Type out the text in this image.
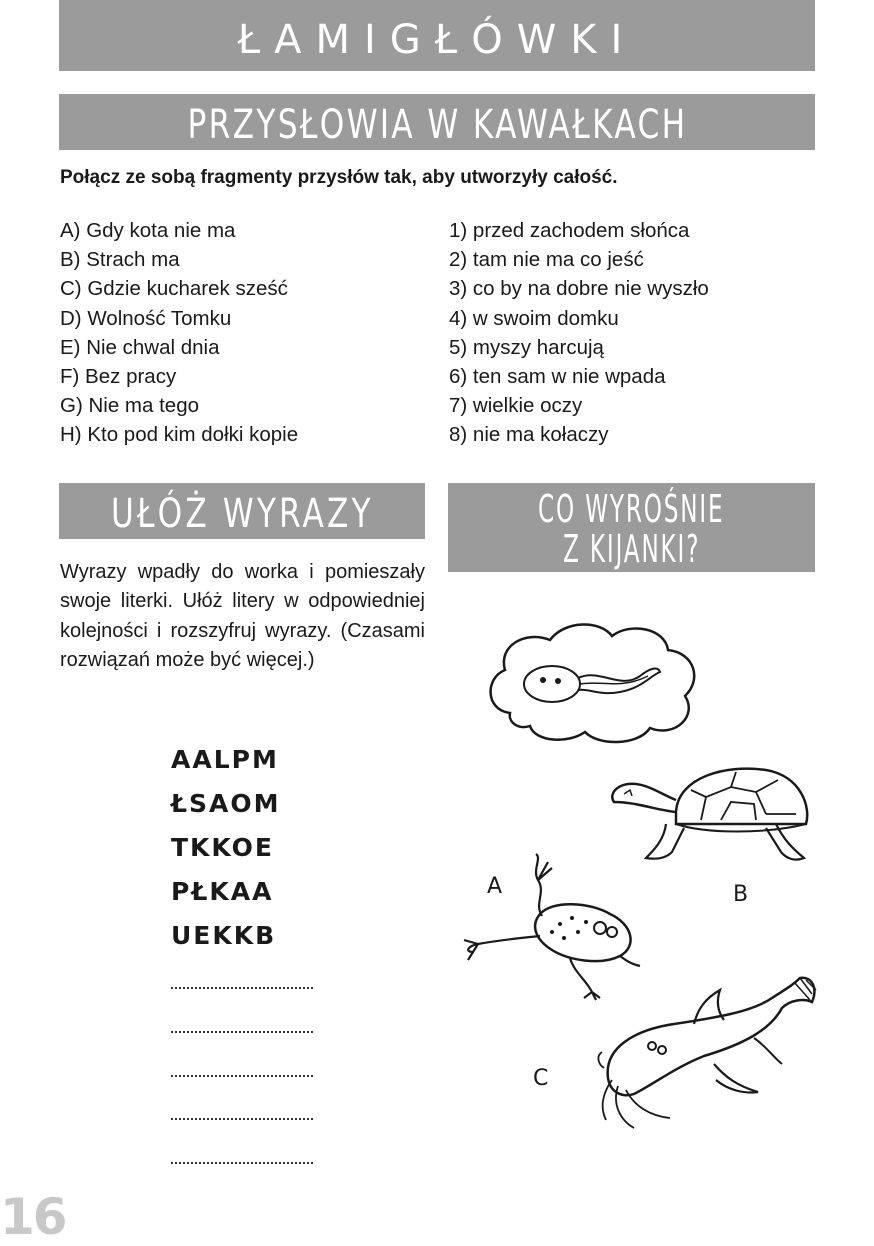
ŁAMIGŁÓWKI
PRZYSŁOWIA W KAWAŁKACH
Połącz ze sobą fragmenty przysłów tak, aby utworzyły całość.
A) Gdy kota nie ma
B) Strach ma
C) Gdzie kucharek sześć
D) Wolność Tomku
E) Nie chwal dnia
F) Bez pracy
G) Nie ma tego
H) Kto pod kim dołki kopie
1) przed zachodem słońca
2) tam nie ma co jeść
3) co by na dobre nie wyszło
4) w swoim domku
5) myszy harcują
6) ten sam w nie wpada
7) wielkie oczy
8) nie ma kołaczy
UŁÓŻ WYRAZY
Wyrazy wpadły do worka i pomieszały swoje literki. Ułóż litery w odpowiedniej kolejności i rozszyfruj wyrazy. (Czasami rozwiązań może być więcej.)
AALPM
ŁSAOM
TKKOE
PŁKAA
UEKKB
CO WYROŚNIE
Z KIJANKI?
A	B
C
16
